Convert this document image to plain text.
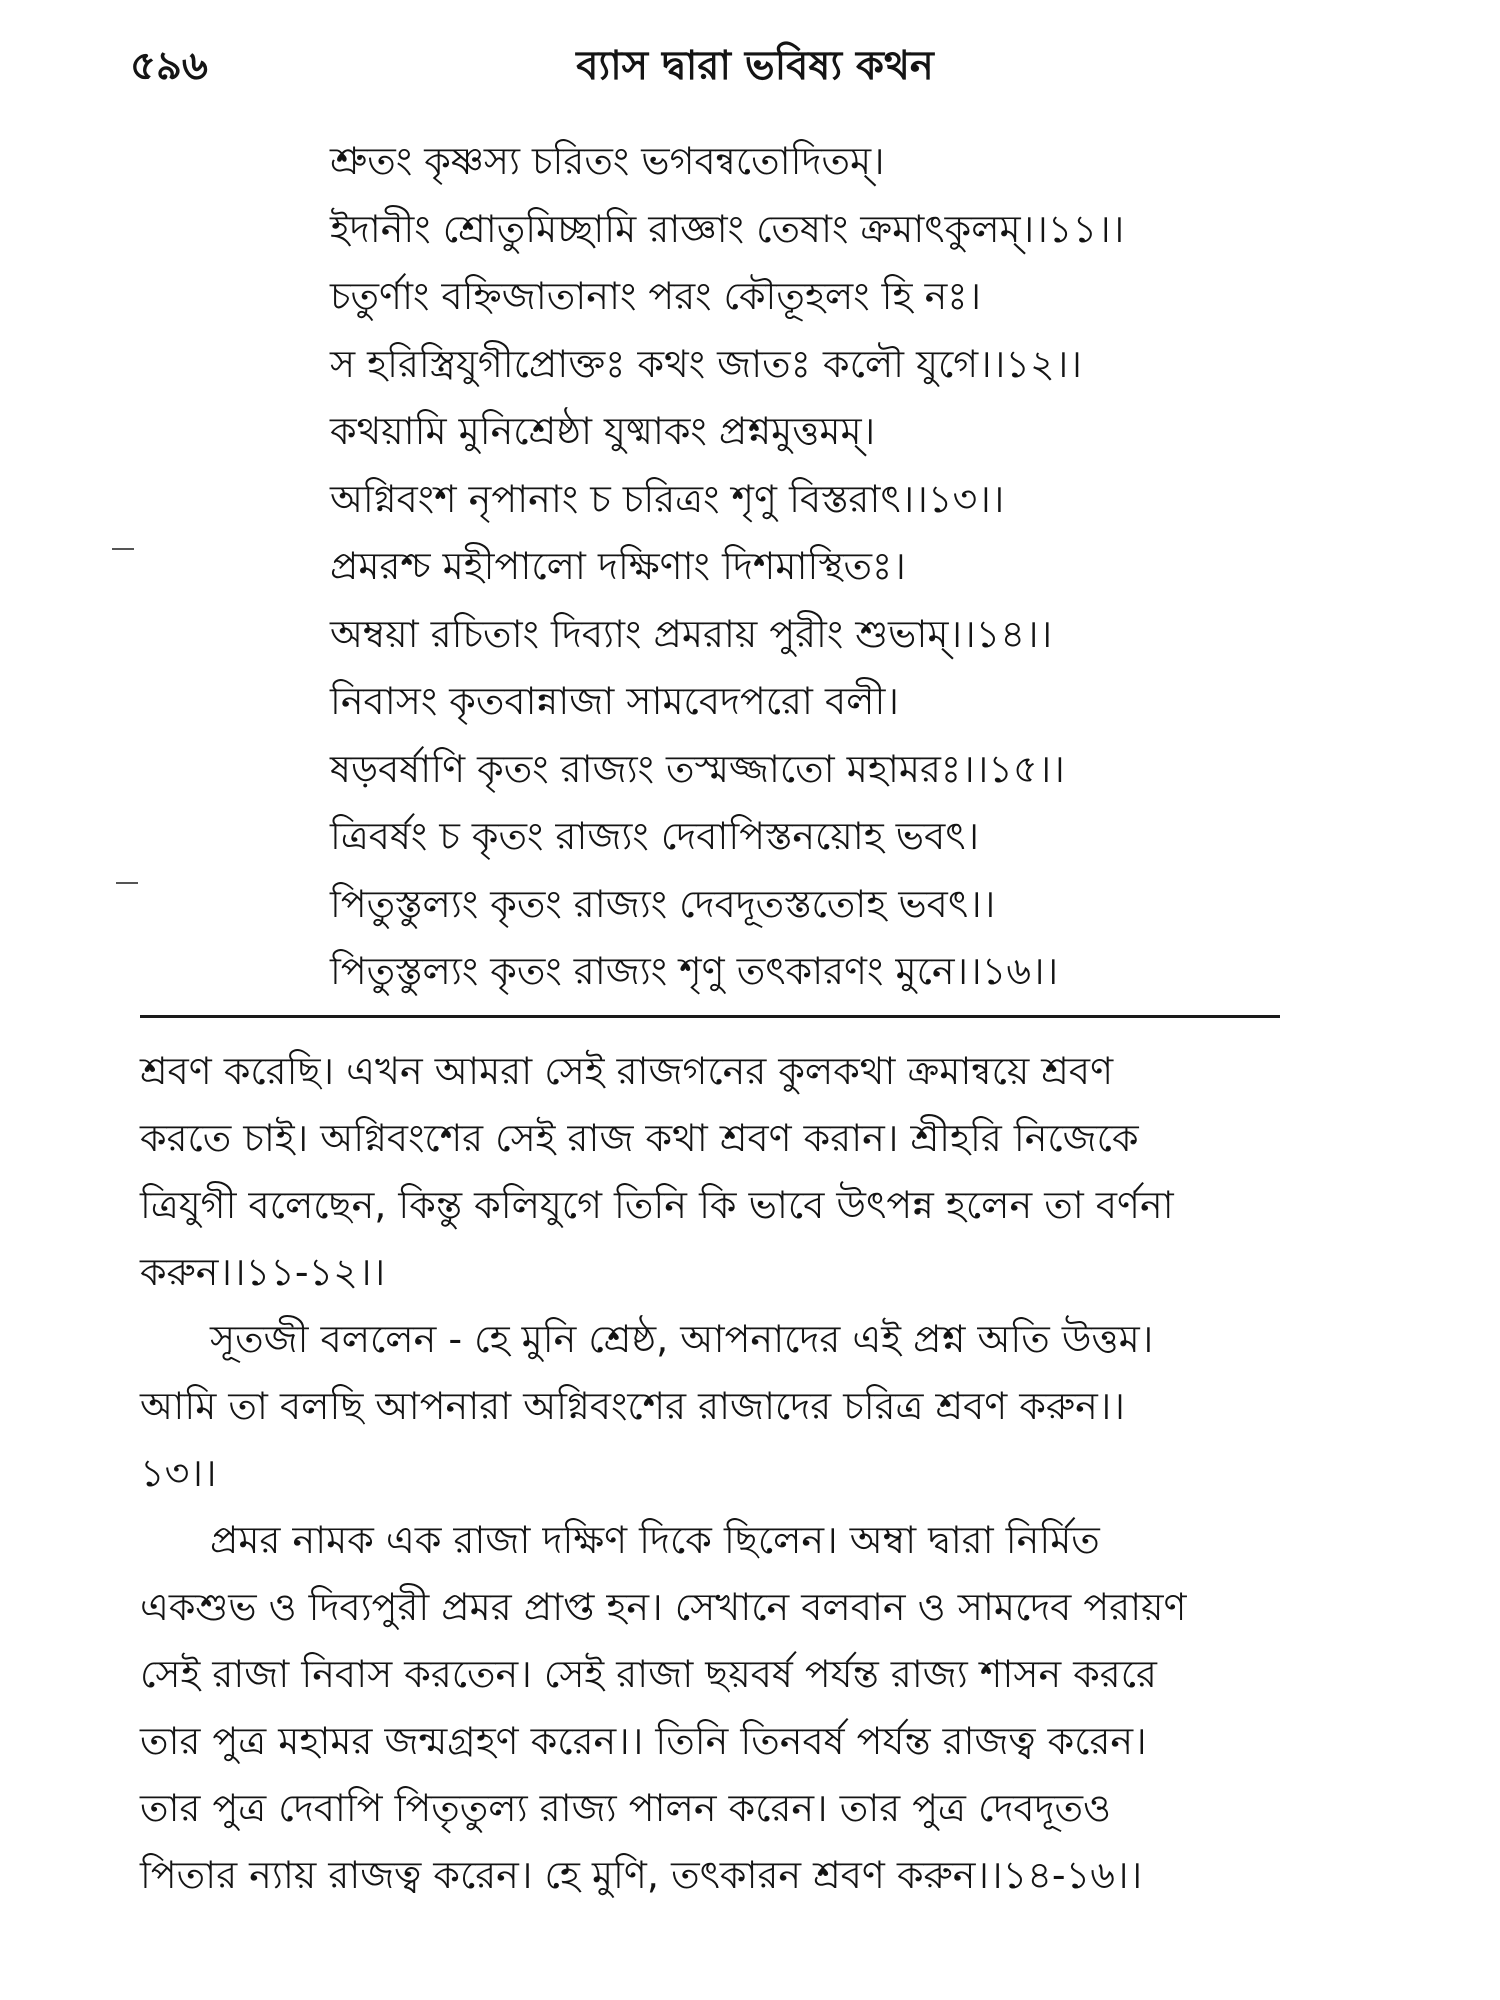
৫৯৬	ব্যাস দ্বারা ভবিষ্য কথন
শ্রুতং কৃষ্ণস্য চরিতং ভগবন্বতোদিতম্।
ইদানীং শ্রোতুমিচ্ছামি রাজ্ঞাং তেষাং ক্রমাৎকুলম্।।১১।।
চতুর্ণাং বহ্নিজাতানাং পরং কৌতূহলং হি নঃ।
স হরিস্ত্রিযুগীপ্রোক্তঃ কথং জাতঃ কলৌ যুগে।।১২।।
কথয়ামি মুনিশ্রেষ্ঠা যুষ্মাকং প্রশ্নমুত্তমম্।
অগ্নিবংশ নৃপানাং চ চরিত্রং শৃণু বিস্তরাৎ।।১৩।।
প্রমরশ্চ মহীপালো দক্ষিণাং দিশমাস্থিতঃ।
অম্বয়া রচিতাং দিব্যাং প্রমরায় পুরীং শুভাম্।।১৪।।
নিবাসং কৃতবান্নাজা সামবেদপরো বলী।
ষড়বর্ষাণি কৃতং রাজ্যং তস্মজ্জাতো মহামরঃ।।১৫।।
ত্রিবর্ষং চ কৃতং রাজ্যং দেবাপিস্তনয়োহ ভবৎ।
পিতুস্তুল্যং কৃতং রাজ্যং দেবদূতস্ততোহ ভবৎ।।
পিতুস্তুল্যং কৃতং রাজ্যং শৃণু তৎকারণং মুনে।।১৬।।
শ্রবণ করেছি। এখন আমরা সেই রাজগনের কুলকথা ক্রমান্বয়ে শ্রবণ
করতে চাই। অগ্নিবংশের সেই রাজ কথা শ্রবণ করান। শ্রীহরি নিজেকে
ত্রিযুগী বলেছেন, কিন্তু কলিযুগে তিনি কি ভাবে উৎপন্ন হলেন তা বর্ণনা
করুন।।১১-১২।।
সূতজী বললেন - হে মুনি শ্রেষ্ঠ, আপনাদের এই প্রশ্ন অতি উত্তম।
আমি তা বলছি আপনারা অগ্নিবংশের রাজাদের চরিত্র শ্রবণ করুন।।
১৩।।
প্রমর নামক এক রাজা দক্ষিণ দিকে ছিলেন। অম্বা দ্বারা নির্মিত
একশুভ ও দিব্যপুরী প্রমর প্রাপ্ত হন। সেখানে বলবান ও সামদেব পরায়ণ
সেই রাজা নিবাস করতেন। সেই রাজা ছয়বর্ষ পর্যন্ত রাজ্য শাসন কররে
তার পুত্র মহামর জন্মগ্রহণ করেন।। তিনি তিনবর্ষ পর্যন্ত রাজত্ব করেন।
তার পুত্র দেবাপি পিতৃতুল্য রাজ্য পালন করেন। তার পুত্র দেবদূতও
পিতার ন্যায় রাজত্ব করেন। হে মুণি, তৎকারন শ্রবণ করুন।।১৪-১৬।।
